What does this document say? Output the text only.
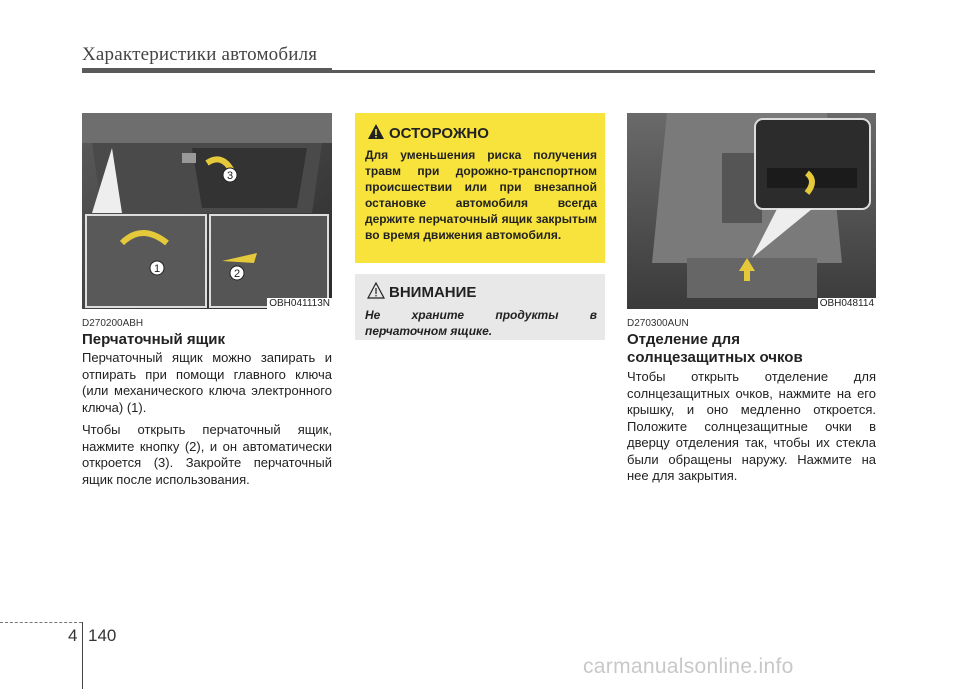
Характеристики автомобиля
3
1	2
OBH041113N
D270200ABH
Перчаточный ящик

Перчаточный ящик можно запирать и отпирать при помощи главного ключа (или механического ключа электронного ключа) (1).

Чтобы открыть перчаточный ящик, нажмите кнопку (2), и он автоматически откроется (3). Закройте перчаточный ящик после использования.

ОСТОРОЖНО
Для уменьшения риска получения травм при дорожно-транспортном происшествии или при внезапной остановке автомобиля всегда держите перчаточный ящик закрытым во время движения автомобиля.
ВНИМАНИЕ
Не храните продукты в перчаточном ящике.
OBH048114
D270300AUN
Отделение для солнцезащитных очков
Чтобы открыть отделение для солнцезащитных очков, нажмите на его крышку, и оно медленно откроется. Положите солнцезащитные очки в дверцу отделения так, чтобы их стекла были обращены наружу. Нажмите на нее для закрытия.
4 140
carmanualsonline.info
